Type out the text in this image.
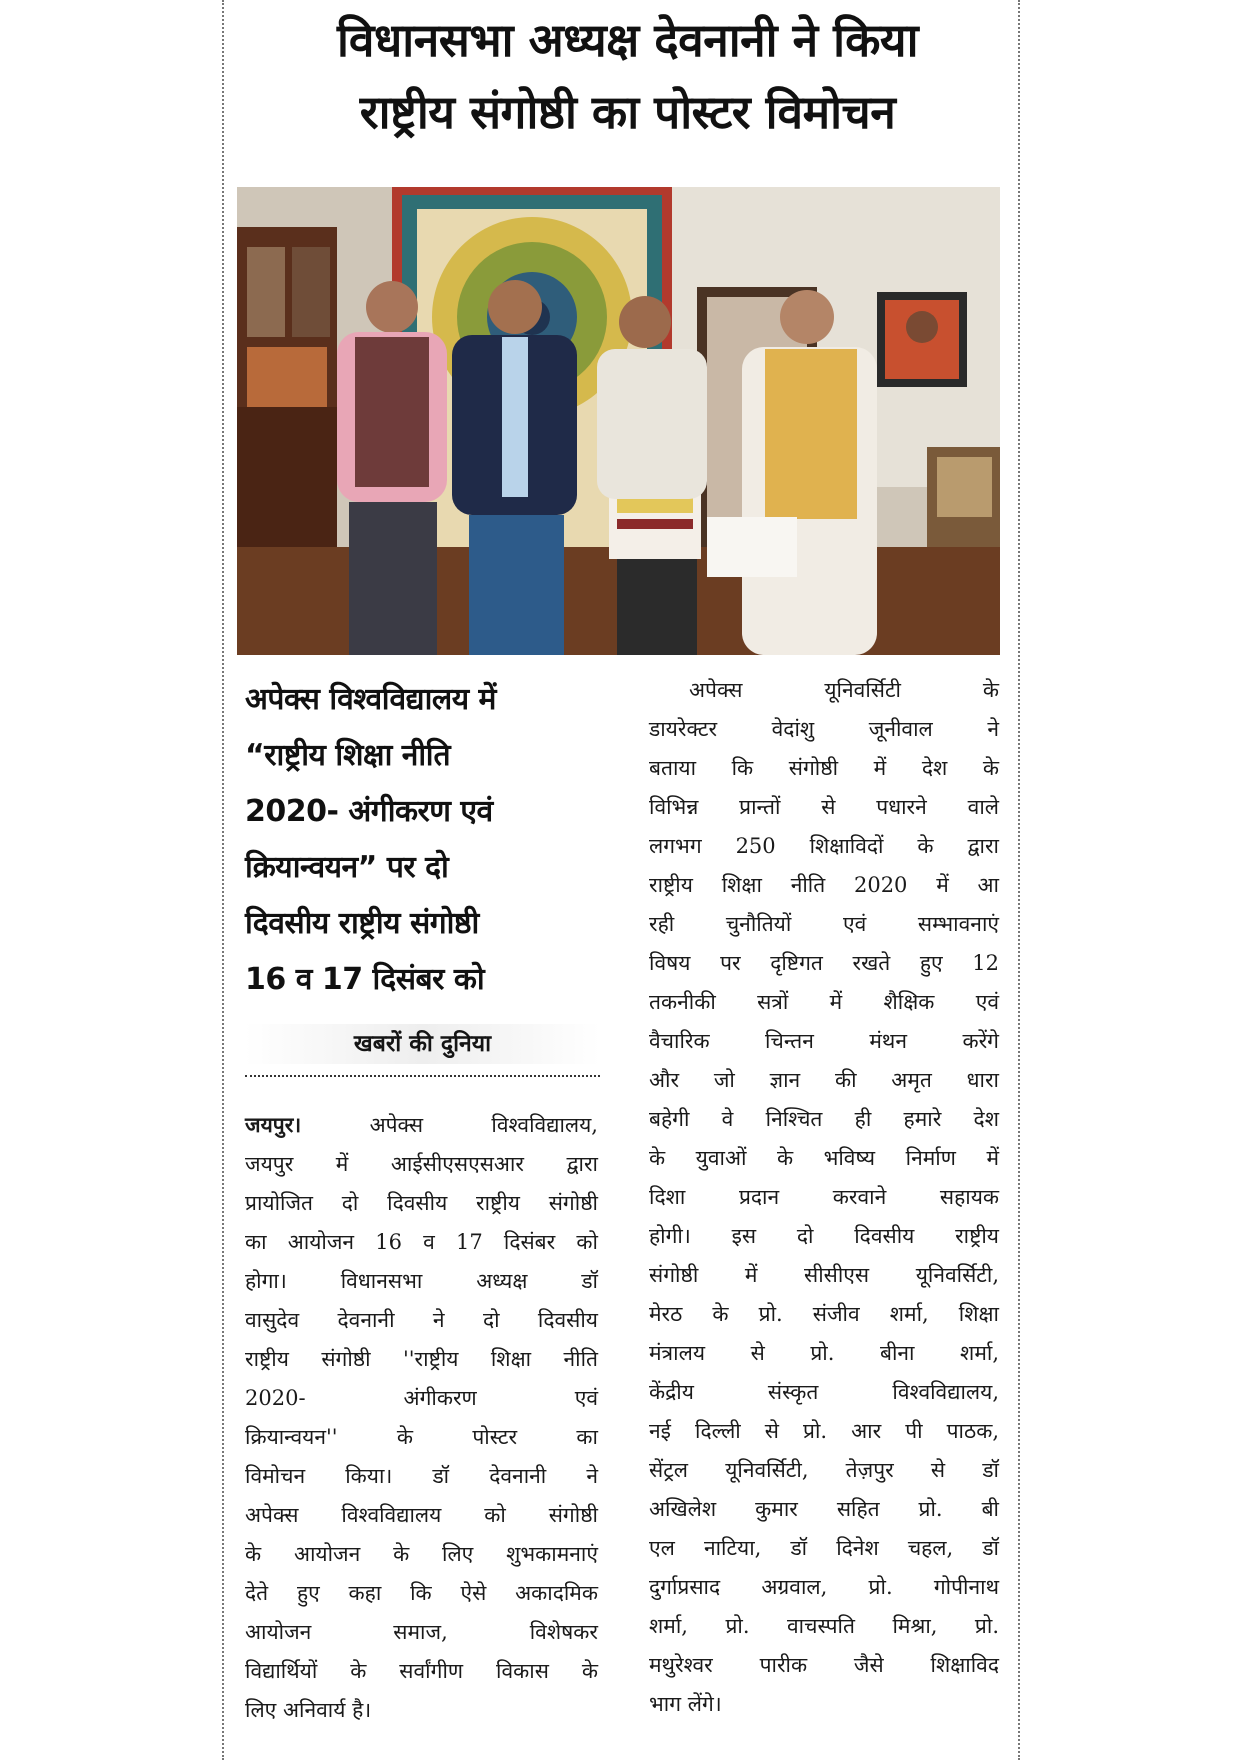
विधानसभा अध्यक्ष देवनानी ने किया
राष्ट्रीय संगोष्ठी का पोस्टर विमोचन
अपेक्स विश्वविद्यालय में
“राष्ट्रीय शिक्षा नीति
2020- अंगीकरण एवं
क्रियान्वयन” पर दो
दिवसीय राष्ट्रीय संगोष्ठी
16 व 17 दिसंबर को
खबरों की दुनिया
जयपुर।	अपेक्स विश्वविद्यालय,
जयपुर में आईसीएसएसआर द्वारा
प्रायोजित दो दिवसीय राष्ट्रीय संगोष्ठी
का आयोजन 16 व 17 दिसंबर को
होगा। विधानसभा अध्यक्ष डॉ
वासुदेव देवनानी ने दो दिवसीय
राष्ट्रीय संगोष्ठी ''राष्ट्रीय शिक्षा नीति
2020- अंगीकरण एवं
क्रियान्वयन'' के पोस्टर का
विमोचन किया। डॉ देवनानी ने
अपेक्स विश्वविद्यालय को संगोष्ठी
के आयोजन के लिए शुभकामनाएं
देते हुए कहा कि ऐसे अकादमिक
आयोजन समाज, विशेषकर
विद्यार्थियों के सर्वांगीण विकास के
लिए अनिवार्य है।
अपेक्स यूनिवर्सिटी के
डायरेक्टर वेदांशु जूनीवाल ने
बताया कि संगोष्ठी में देश के
विभिन्न प्रान्तों से पधारने वाले
लगभग 250 शिक्षाविदों के द्वारा
राष्ट्रीय शिक्षा नीति 2020 में आ
रही चुनौतियों एवं सम्भावनाएं
विषय पर दृष्टिगत रखते हुए 12
तकनीकी सत्रों में शैक्षिक एवं
वैचारिक चिन्तन मंथन करेंगे
और जो ज्ञान की अमृत धारा
बहेगी वे निश्चित ही हमारे देश
के युवाओं के भविष्य निर्माण में
दिशा प्रदान करवाने सहायक
होगी। इस दो दिवसीय राष्ट्रीय
संगोष्ठी में सीसीएस यूनिवर्सिटी,
मेरठ के प्रो. संजीव शर्मा, शिक्षा
मंत्रालय से प्रो. बीना शर्मा,
केंद्रीय संस्कृत विश्वविद्यालय,
नई दिल्ली से प्रो. आर पी पाठक,
सेंट्रल यूनिवर्सिटी, तेज़पुर से डॉ
अखिलेश कुमार सहित प्रो. बी
एल नाटिया, डॉ दिनेश चहल, डॉ
दुर्गाप्रसाद अग्रवाल, प्रो. गोपीनाथ
शर्मा, प्रो. वाचस्पति मिश्रा, प्रो.
मथुरेश्वर पारीक जैसे शिक्षाविद
भाग लेंगे।
